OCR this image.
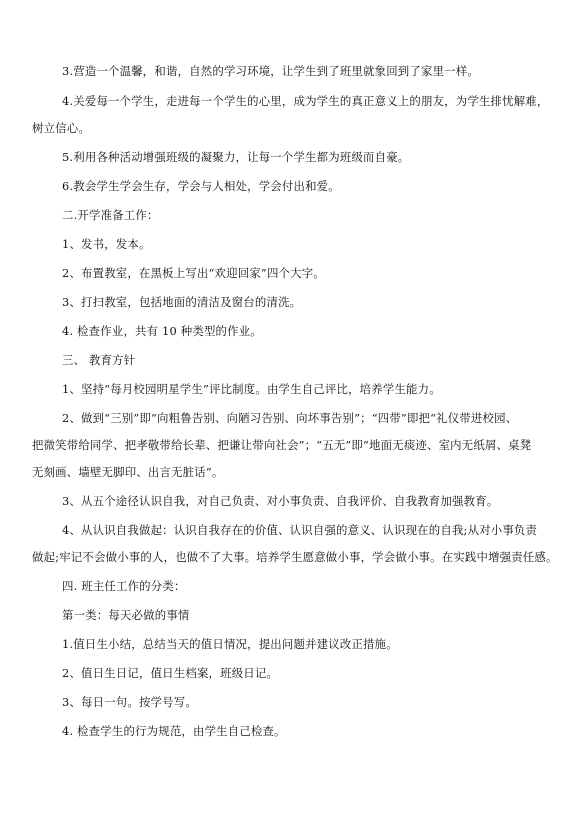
3.营造一个温馨，和谐，自然的学习环境，让学生到了班里就象回到了家里一样。

4.关爱每一个学生，走进每一个学生的心里，成为学生的真正意义上的朋友，为学生排忧解难，

树立信心。

5.利用各种活动增强班级的凝聚力，让每一个学生都为班级而自豪。

6.教会学生学会生存，学会与人相处，学会付出和爱。

二.开学准备工作：

1、发书，发本。

2、布置教室，在黑板上写出“欢迎回家”四个大字。

3、打扫教室，包括地面的清洁及窗台的清洗。

4. 检查作业，共有 10 种类型的作业。

三、 教育方针

1、坚持“每月校园明星学生”评比制度。由学生自己评比，培养学生能力。

2、做到“三别”即“向粗鲁告别、向陋习告别、向坏事告别”；“四带”即把“礼仪带进校园、

把微笑带给同学、把孝敬带给长辈、把谦让带向社会”；“五无”即“地面无痰迹、室内无纸屑、桌凳

无刻画、墙壁无脚印、出言无脏话”。

3、从五个途径认识自我，对自己负责、对小事负责、自我评价、自我教育加强教育。

4、从认识自我做起：认识自我存在的价值、认识自强的意义、认识现在的自我;从对小事负责

做起;牢记不会做小事的人，也做不了大事。培养学生愿意做小事，学会做小事。在实践中增强责任感。

四. 班主任工作的分类：

第一类：每天必做的事情

1.值日生小结，总结当天的值日情况，提出问题并建议改正措施。

2、值日生日记，值日生档案，班级日记。

3、每日一句。按学号写。

4. 检查学生的行为规范，由学生自己检查。
